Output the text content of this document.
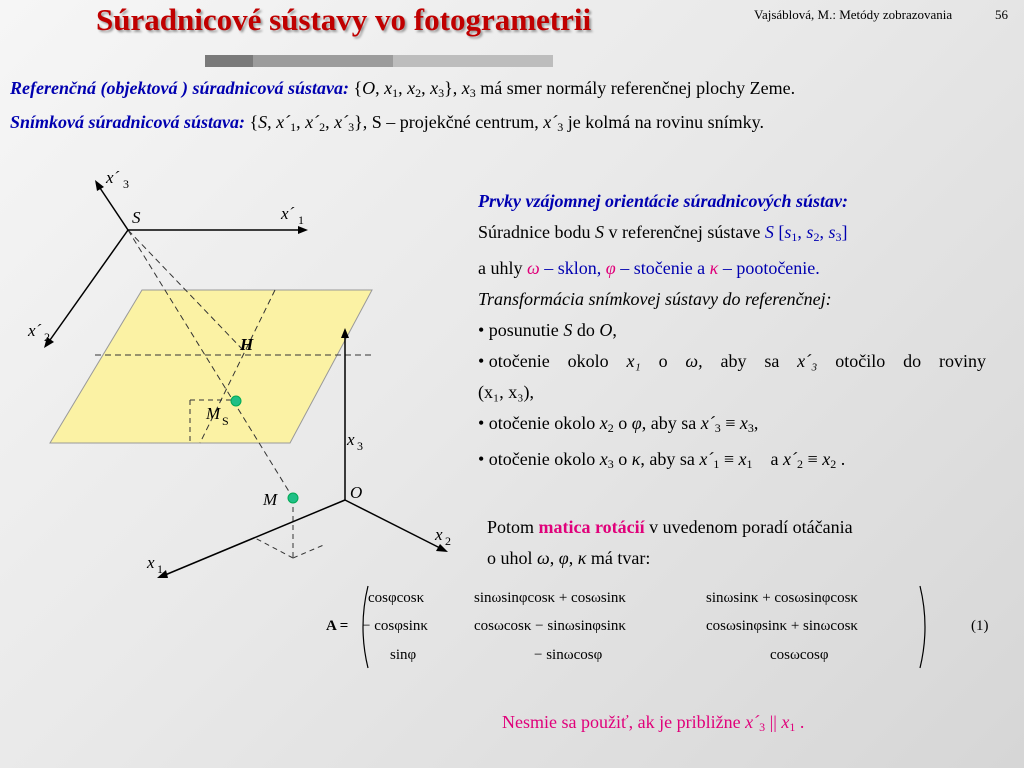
Súradnicové sústavy vo fotogrametrii	Vajsáblová, M.: Metódy zobrazovania	56
Referenčná (objektová ) súradnicová sústava: {O, $x_1$, $x_2$, $x_3$}, $x_3$ má smer normály referenčnej plochy Zeme.
Snímková súradnicová sústava: {S, $x´_1$, $x´_2$, $x´_3$}, S – projekčné centrum, $x´_3$ je kolmá na rovinu snímky.
x´ 3
S	x´ 1
x´ 2	H
M S
x 3
O
M
x 2
x 1
Prvky vzájomnej orientácie súradnicových sústav:
Súradnice bodu S v referenčnej sústave S [$s_1$, $s_2$, $s_3$]
a uhly ω – sklon, φ – stočenie a κ – pootočenie.
Transformácia snímkovej sústavy do referenčnej:
• posunutie S do O,
• otočenie okolo x₁ o ω, aby sa x´₃ otočilo do roviny
(x₁, x₃),
• otočenie okolo $x_2$ o φ, aby sa $x´_3 \equiv x_3$,
• otočenie okolo $x_3$ o κ, aby sa $x´_1 \equiv x_1$ a $x´_2 \equiv x_2$ .
Potom matica rotácií v uvedenom poradí otáčania
o uhol ω, φ, κ má tvar:
A =
cosφcosκ	sinωsinφcosκ + cosωsinκ	sinωsinκ + cosωsinφcosκ
− cosφsinκ	cosωcosκ − sinωsinφsinκ	cosωsinφsinκ + sinωcosκ
sinφ	− sinωcosφ	cosωcosφ
(1)
Nesmie sa použiť, ak je približne $x´_3$ || $x_1$ .
